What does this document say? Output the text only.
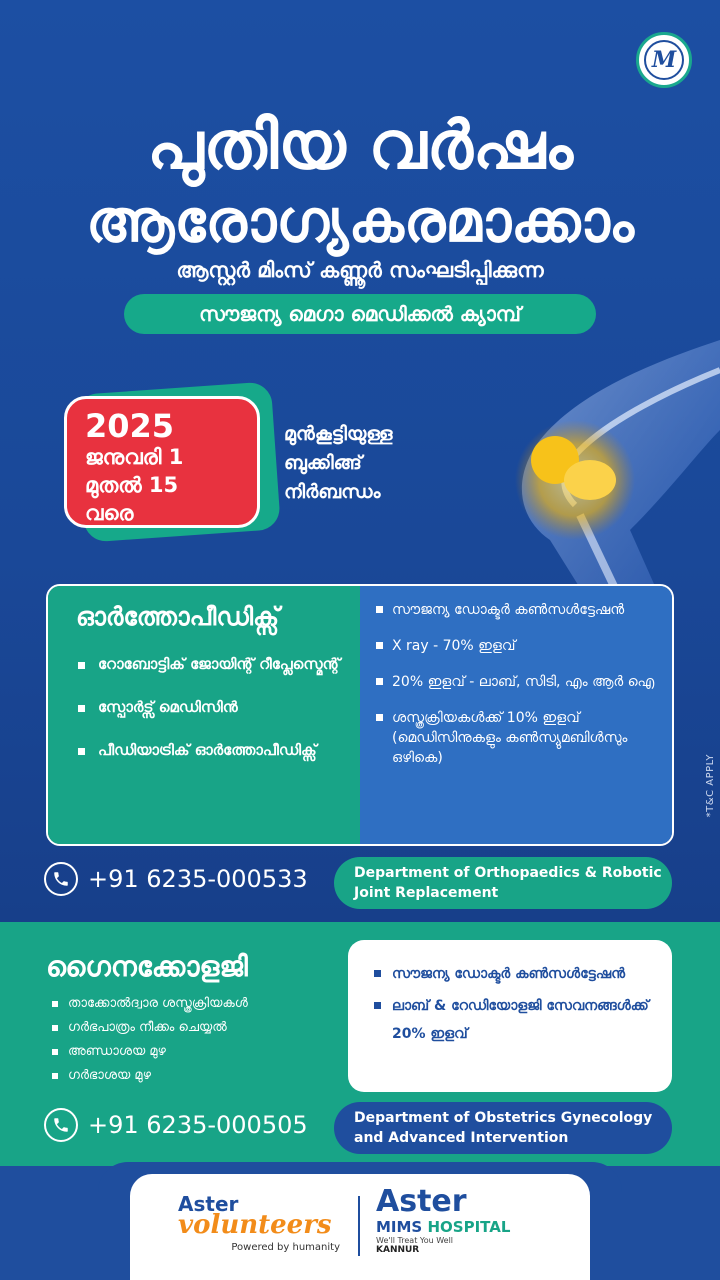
M
പുതിയ വർഷം
ആരോഗ്യകരമാക്കാം
ആസ്റ്റർ മിംസ് കണ്ണൂർ സംഘടിപ്പിക്കുന്ന
സൗജന്യ മെഗാ മെഡിക്കൽ ക്യാമ്പ്
2025
ജനുവരി 1
മുതൽ 15
വരെ
മുൻകൂട്ടിയുള്ള
ബുക്കിങ്ങ്
നിർബന്ധം
ഓർത്തോപീഡിക്സ്
റോബോട്ടിക് ജോയിന്റ് റീപ്ലേസ്മെന്റ്
സ്പോർട്സ് മെഡിസിൻ
പീഡിയാട്രിക് ഓർത്തോപീഡിക്സ്
സൗജന്യ ഡോക്ടർ കൺസൾട്ടേഷൻ
X ray - 70% ഇളവ്
20% ഇളവ് - ലാബ്, സിടി, എം ആർ ഐ
ശസ്ത്രക്രിയകൾക്ക് 10% ഇളവ് (മെഡിസിനുകളും കൺസ്യുമബിൾസും ഒഴികെ)	*T&C APPLY
+91 6235-000533	Department of Orthopaedics & Robotic Joint Replacement
ഗൈനക്കോളജി
താക്കോൽദ്വാര ശസ്ത്രക്രിയകൾ
ഗർഭപാത്രം നീക്കം ചെയ്യൽ
അണ്ഡാശയ മുഴ
ഗർഭാശയ മുഴ
സൗജന്യ ഡോക്ടർ കൺസൾട്ടേഷൻ
ലാബ് & റേഡിയോളജി സേവനങ്ങൾക്ക് 20% ഇളവ്
+91 6235-000505	Department of Obstetrics Gynecology and Advanced Intervention
Aster
volunteers
Powered by humanity
Aster
MIMS HOSPITAL
We'll Treat You Well
KANNUR
